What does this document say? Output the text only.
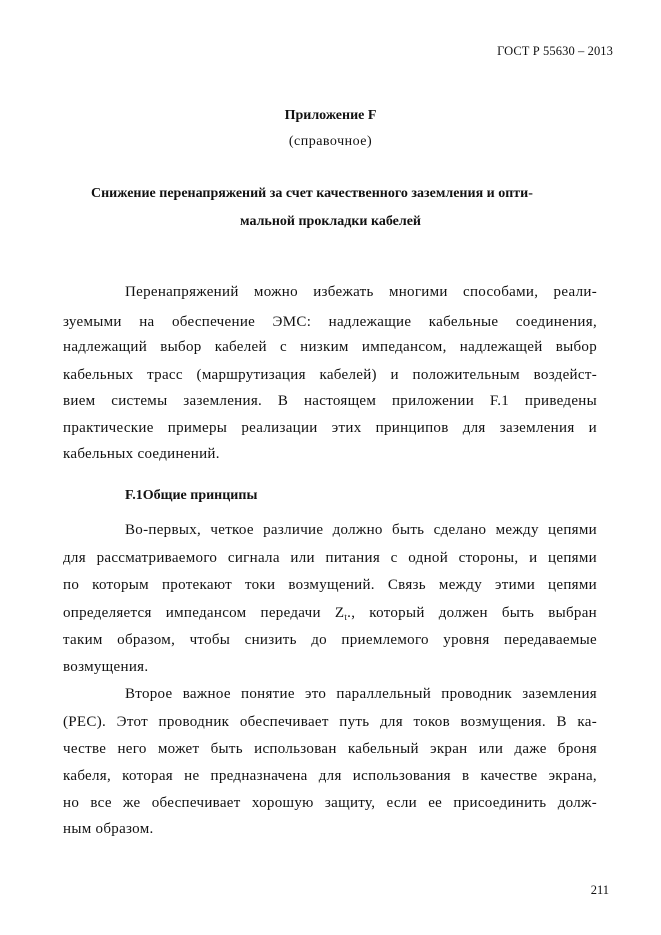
ГОСТ Р 55630 – 2013
Приложение F
(справочное)
Снижение перенапряжений за счет качественного заземления и опти-
мальной прокладки кабелей
Перенапряжений можно избежать многими способами, реали-
зуемыми на обеспечение ЭМС: надлежащие кабельные соединения,
надлежащий выбор кабелей с низким импедансом, надлежащей выбор
кабельных трасс (маршрутизация кабелей) и положительным воздейст-
вием системы заземления. В настоящем приложении F.1 приведены
практические примеры реализации этих принципов для заземления и
кабельных соединений.
F.1Общие принципы
Во-первых, четкое различие должно быть сделано между цепями
для рассматриваемого сигнала или питания с одной стороны, и цепями
по которым протекают токи возмущений. Связь между этими цепями
определяется импедансом передачи $Z_t$., который должен быть выбран
таким образом, чтобы снизить до приемлемого уровня передаваемые
возмущения.
Второе важное понятие это параллельный проводник заземления
(PEC). Этот проводник обеспечивает путь для токов возмущения. В ка-
честве него может быть использован кабельный экран или даже броня
кабеля, которая не предназначена для использования в качестве экрана,
но все же обеспечивает хорошую защиту, если ее присоединить долж-
ным образом.
211
